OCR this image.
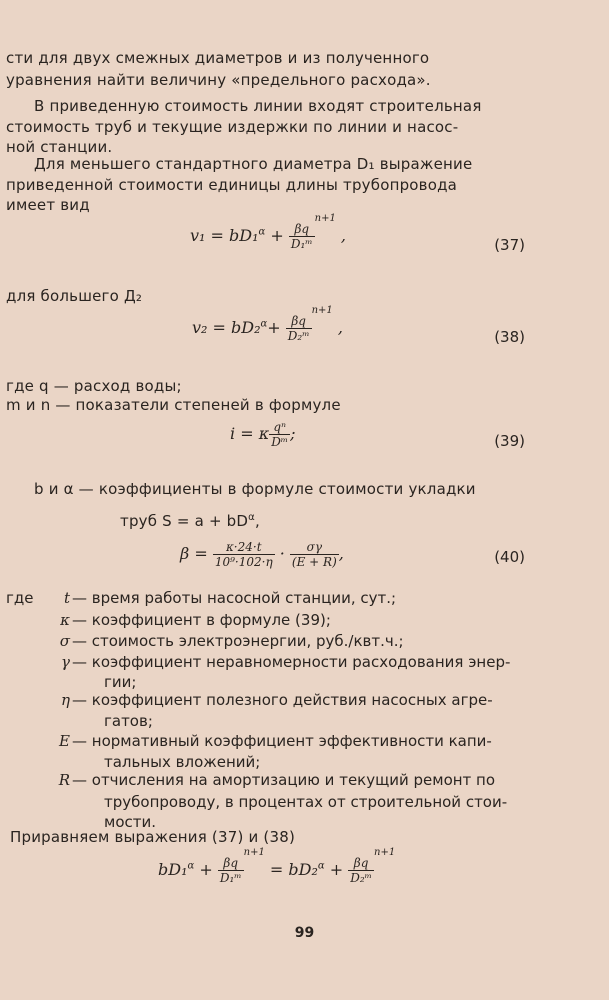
сти для двух смежных диаметров и из полученного
уравнения найти величину «предельного расхода».
В приведенную стоимость линии входят строительная
стоимость труб и текущие издержки по линии и насос-
ной станции.
Для меньшего стандартного диаметра D₁ выражение
приведенной стоимости единицы длины трубопровода
имеет вид
$v_1 = bD_1^\alpha + \frac{\beta q}{\text{D₁ᵐ}}$
$^{n+1}$ ,	(37)
для большего Д₂
$v_2 = bD_2^\alpha+ \frac{\beta q}{\text{D₂ᵐ}}$
$^{n+1}$ ,	(38)
где q — расход воды;
m и n — показатели степеней в формуле
i = κ $\frac{\text{qⁿ}}{\text{Dᵐ}}$ ;	(39)
b и α — коэффициенты в формуле стоимости укладки
труб $S = a + bD^\alpha$,
$\beta = \frac{\kappa\cdot 24\cdot t}{\text{10⁹·102·η}} \cdot \frac{\sigma\gamma}{(E + R)}$ ,	(40)
где t — время работы насосной станции, сут.;
κ — коэффициент в формуле (39);
σ — стоимость электроэнергии, руб./квт.ч.;
γ — коэффициент неравномерности расходования энер-
гии;
η — коэффициент полезного действия насосных агре-
гатов;
E — нормативный коэффициент эффективности капи-
тальных вложений;
R — отчисления на амортизацию и текущий ремонт по
трубопроводу, в процентах от строительной стои-
мости.
Приравняем выражения (37) и (38)
$bD_1^\alpha + \frac{\beta q}{\text{D₁ᵐ}}$
$^{n+1} = bD_2^\alpha + \frac{\beta q}{\text{D₂ᵐ}}$
$^{n+1}$
99
